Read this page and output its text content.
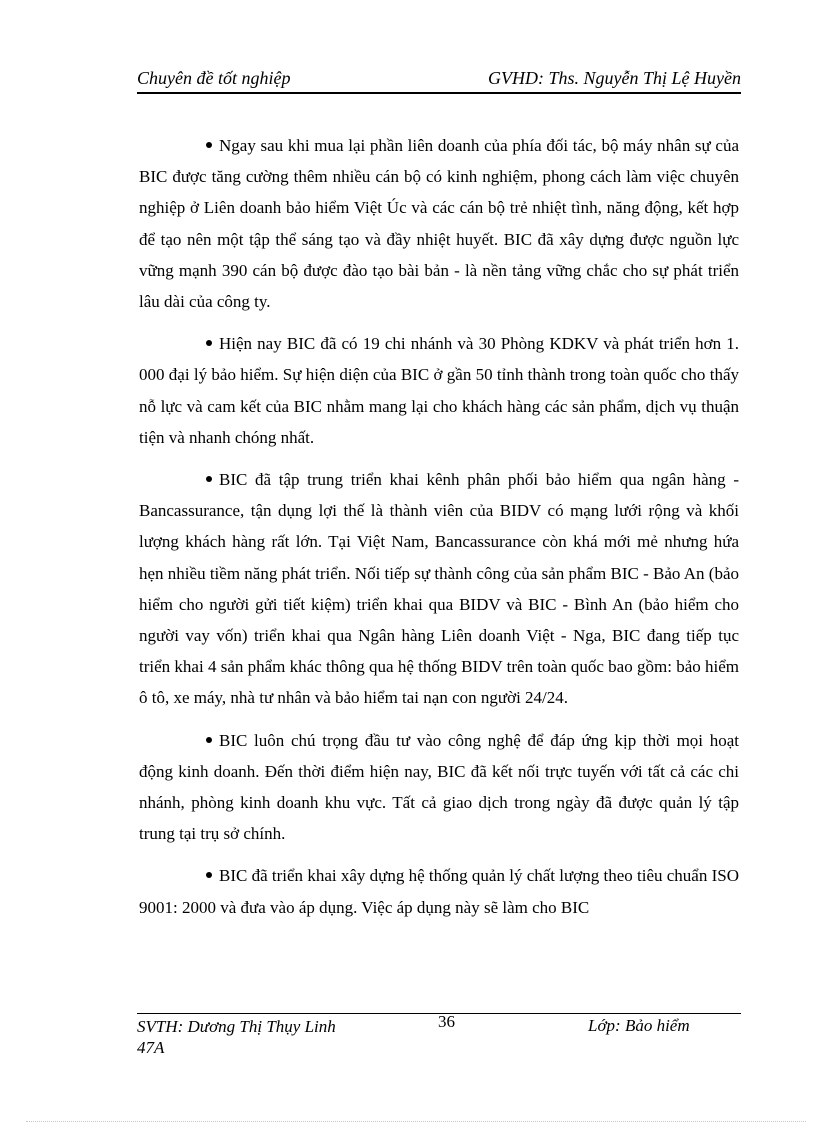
Chuyên đề tốt nghiệp	GVHD: Ths. Nguyễn Thị Lệ Huyền

Ngay sau khi mua lại phần liên doanh của phía đối tác, bộ máy nhân sự của BIC được tăng cường thêm nhiều cán bộ có kinh nghiệm, phong cách làm việc chuyên nghiệp ở Liên doanh bảo hiểm Việt Úc và các cán bộ trẻ nhiệt tình, năng động, kết hợp để tạo nên một tập thể sáng tạo và đầy nhiệt huyết. BIC đã xây dựng được nguồn lực vững mạnh 390 cán bộ được đào tạo bài bản - là nền tảng vững chắc cho sự phát triển lâu dài của công ty.

Hiện nay BIC đã có 19 chi nhánh và 30 Phòng KDKV và phát triển hơn 1. 000 đại lý bảo hiểm. Sự hiện diện của BIC ở gần 50 tỉnh thành trong toàn quốc cho thấy nỗ lực và cam kết của BIC nhằm mang lại cho khách hàng các sản phẩm, dịch vụ thuận tiện và nhanh chóng nhất.

BIC đã tập trung triển khai kênh phân phối bảo hiểm qua ngân hàng - Bancassurance, tận dụng lợi thế là thành viên của BIDV có mạng lưới rộng và khối lượng khách hàng rất lớn. Tại Việt Nam, Bancassurance còn khá mới mẻ nhưng hứa hẹn nhiều tiềm năng phát triển. Nối tiếp sự thành công của sản phẩm BIC - Bảo An (bảo hiểm cho người gửi tiết kiệm) triển khai qua BIDV và BIC - Bình An (bảo hiểm cho người vay vốn) triển khai qua Ngân hàng Liên doanh Việt - Nga, BIC đang tiếp tục triển khai 4 sản phẩm khác thông qua hệ thống BIDV trên toàn quốc bao gồm: bảo hiểm ô tô, xe máy, nhà tư nhân và bảo hiểm tai nạn con người 24/24.

BIC luôn chú trọng đầu tư vào công nghệ để đáp ứng kịp thời mọi hoạt động kinh doanh. Đến thời điểm hiện nay, BIC đã kết nối trực tuyến với tất cả các chi nhánh, phòng kinh doanh khu vực. Tất cả giao dịch trong ngày đã được quản lý tập trung tại trụ sở chính.

BIC đã triển khai xây dựng hệ thống quản lý chất lượng theo tiêu chuẩn ISO 9001: 2000 và đưa vào áp dụng. Việc áp dụng này sẽ làm cho BIC

SVTH: Dương Thị Thụy Linh
47A
36	Lớp: Bảo hiểm
